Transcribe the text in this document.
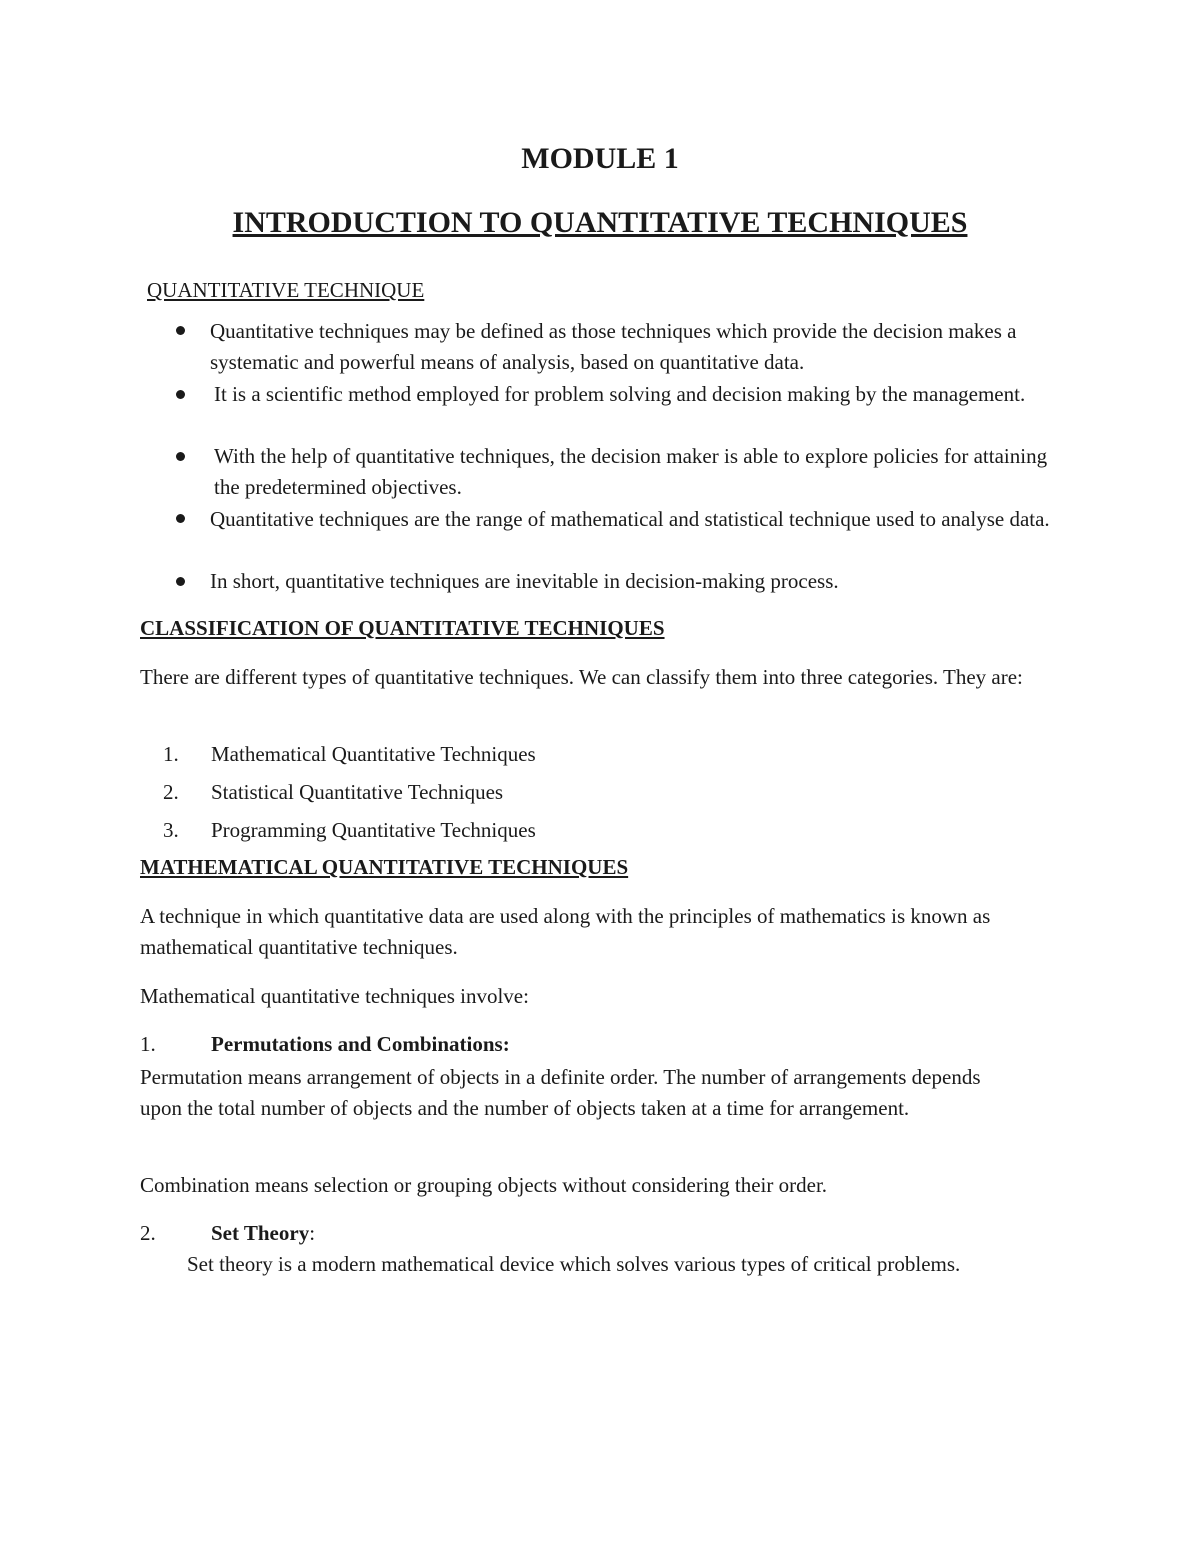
MODULE 1
INTRODUCTION TO QUANTITATIVE TECHNIQUES
QUANTITATIVE TECHNIQUE
Quantitative techniques may be defined as those techniques which provide the decision makes a systematic and powerful means of analysis, based on quantitative data.
It is a scientific method employed for problem solving and decision making by the management.
With the help of quantitative techniques, the decision maker is able to explore policies for attaining the predetermined objectives.
Quantitative techniques are the range of mathematical and statistical technique used to analyse data.
In short, quantitative techniques are inevitable in decision-making process.
CLASSIFICATION OF QUANTITATIVE TECHNIQUES
There are different types of quantitative techniques. We can classify them into three categories. They are:
1. Mathematical Quantitative Techniques
2. Statistical Quantitative Techniques
3. Programming Quantitative Techniques
MATHEMATICAL QUANTITATIVE TECHNIQUES
A technique in which quantitative data are used along with the principles of mathematics is known as mathematical quantitative techniques.
Mathematical quantitative techniques involve:
1.	Permutations and Combinations:
Permutation means arrangement of objects in a definite order. The number of arrangements depends upon the total number of objects and the number of objects taken at a time for arrangement.
Combination means selection or grouping objects without considering their order.
2.	Set Theory:
Set theory is a modern mathematical device which solves various types of critical problems.
